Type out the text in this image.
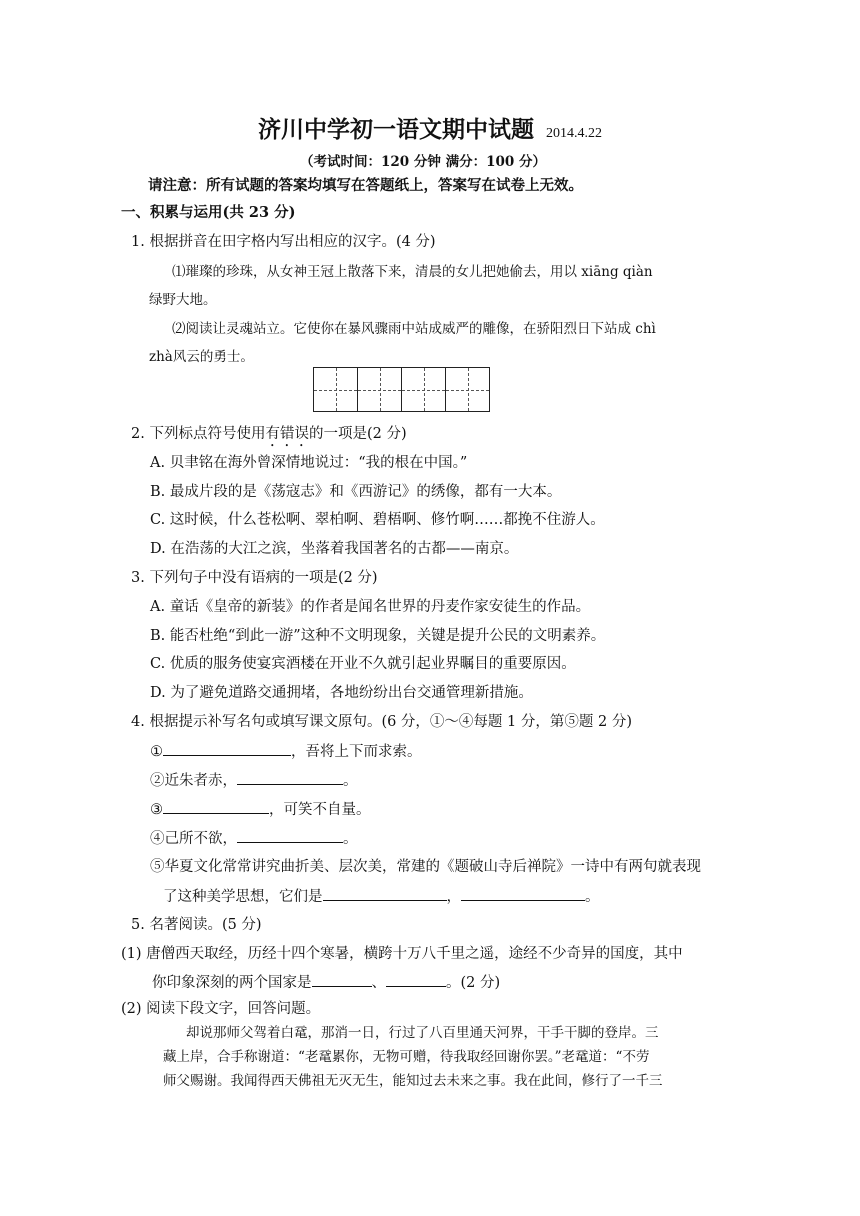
济川中学初一语文期中试题 2014.4.22
（考试时间：120 分钟 满分：100 分）
请注意：所有试题的答案均填写在答题纸上，答案写在试卷上无效。
一、积累与运用(共 23 分)
1. 根据拼音在田字格内写出相应的汉字。(4 分)
⑴璀璨的珍珠，从女神王冠上散落下来，清晨的女儿把她偷去，用以 xiāng qiàn
绿野大地。
⑵阅读让灵魂站立。它使你在暴风骤雨中站成威严的雕像，在骄阳烈日下站成 chì
zhà风云的勇士。
2. 下列标点符号使用有错误的一项是(2 分)
A. 贝聿铭在海外曾深情地说过：“我的根在中国。”
B. 最成片段的是《荡寇志》和《西游记》的绣像，都有一大本。
C. 这时候，什么苍松啊、翠柏啊、碧梧啊、修竹啊……都挽不住游人。
D. 在浩荡的大江之滨，坐落着我国著名的古都——南京。
3. 下列句子中没有语病的一项是(2 分)
A. 童话《皇帝的新装》的作者是闻名世界的丹麦作家安徒生的作品。
B. 能否杜绝“到此一游”这种不文明现象，关键是提升公民的文明素养。
C. 优质的服务使宴宾酒楼在开业不久就引起业界瞩目的重要原因。
D. 为了避免道路交通拥堵，各地纷纷出台交通管理新措施。
4. 根据提示补写名句或填写课文原句。(6 分，①～④每题 1 分，第⑤题 2 分)
①	，吾将上下而求索。
②近朱者赤，	。
③	，可笑不自量。
④己所不欲，	。
⑤华夏文化常常讲究曲折美、层次美，常建的《题破山寺后禅院》一诗中有两句就表现
了这种美学思想，它们是	，	。
5. 名著阅读。(5 分)
(1) 唐僧西天取经，历经十四个寒暑，横跨十万八千里之遥，途经不少奇异的国度，其中
你印象深刻的两个国家是	、	。(2 分)
(2) 阅读下段文字，回答问题。
却说那师父驾着白鼋，那消一日，行过了八百里通天河界，干手干脚的登岸。三
藏上岸，合手称谢道：“老鼋累你，无物可赠，待我取经回谢你罢。”老鼋道：“不劳
师父赐谢。我闻得西天佛祖无灭无生，能知过去未来之事。我在此间，修行了一千三
